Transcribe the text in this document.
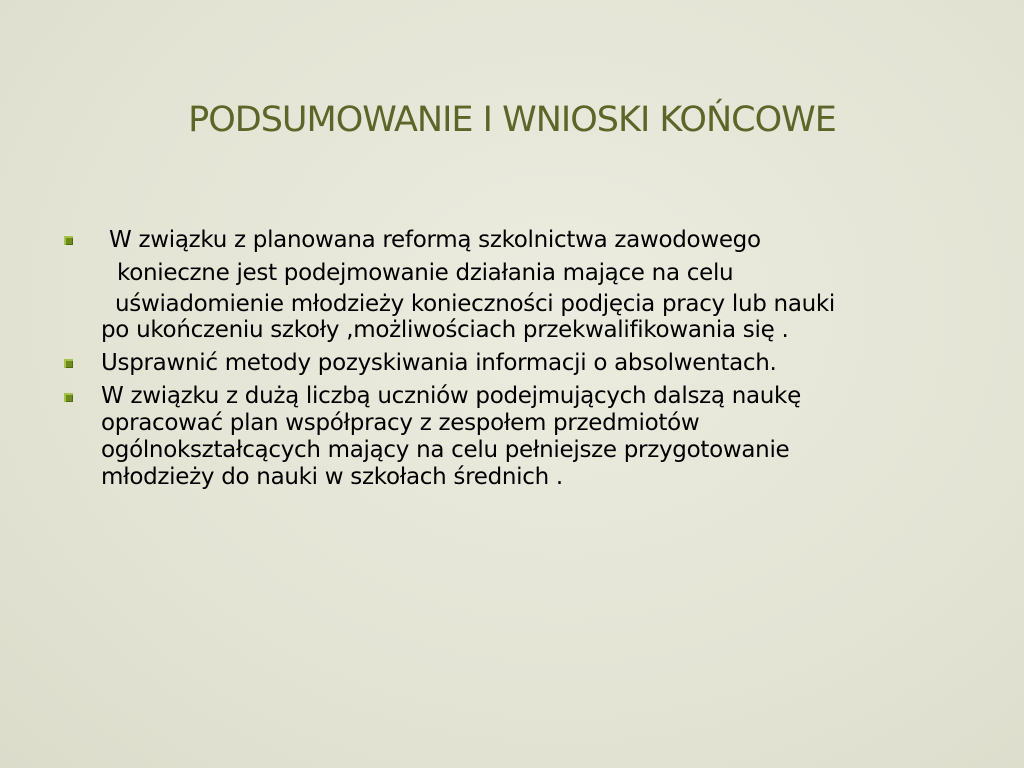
PODSUMOWANIE I WNIOSKI KOŃCOWE
W związku z planowana reformą szkolnictwa zawodowego
konieczne jest podejmowanie działania mające na celu
uświadomienie młodzieży konieczności podjęcia pracy lub nauki
po ukończeniu szkoły ,możliwościach przekwalifikowania się .
Usprawnić metody pozyskiwania informacji o absolwentach.
W związku z dużą liczbą uczniów podejmujących dalszą naukę
opracować plan współpracy z zespołem przedmiotów
ogólnokształcących mający na celu pełniejsze przygotowanie
młodzieży do nauki w szkołach średnich .
